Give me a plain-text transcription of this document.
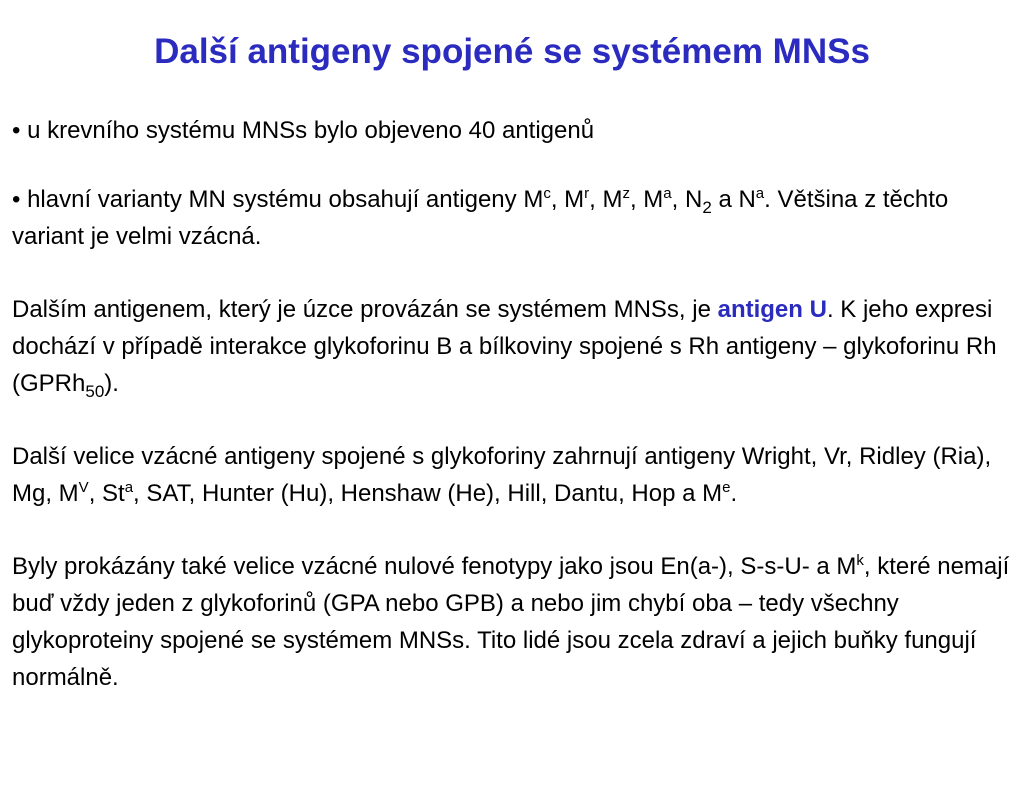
Další antigeny spojené se systémem MNSs

• u krevního systému MNSs bylo objeveno 40 antigenů

• hlavní varianty MN systému obsahují antigeny $M^c$, $M^r$, $M^z$, $M^a$, $N_2$ a $N^a$. Většina z těchto variant je velmi vzácná.

Dalším antigenem, který je úzce provázán se systémem MNSs, je antigen U. K jeho expresi dochází v případě interakce glykoforinu B a bílkoviny spojené s Rh antigeny – glykoforinu Rh (GPRh$_{50}$).

Další velice vzácné antigeny spojené s glykoforiny zahrnují antigeny Wright, Vr, Ridley (Ria), Mg, $M^V$, St$^a$, SAT, Hunter (Hu), Henshaw (He), Hill, Dantu, Hop a Me.

Byly prokázány také velice vzácné nulové fenotypy jako jsou En(a-), S-s-U- a $M^k$, které nemají buď vždy jeden z glykoforinů (GPA nebo GPB) a nebo jim chybí oba – tedy všechny glykoproteiny spojené se systémem MNSs. Tito lidé jsou zcela zdraví a jejich buňky fungují normálně.
